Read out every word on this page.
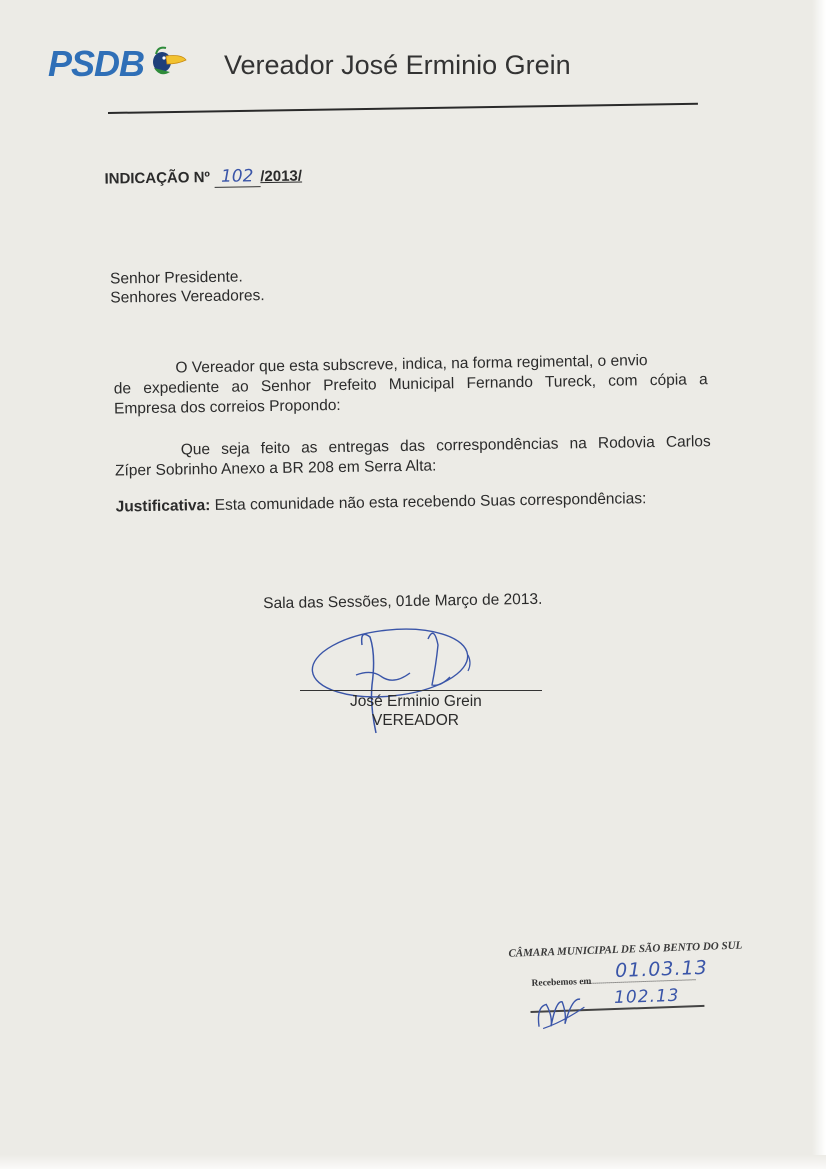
PSDB	Vereador José Erminio Grein
INDICAÇÃO Nº 102 /2013/
Senhor Presidente.
Senhores Vereadores.
O Vereador que esta subscreve, indica, na forma regimental, o envio
de expediente ao Senhor Prefeito Municipal Fernando Tureck, com cópia a
Empresa dos correios Propondo:
Que seja feito as entregas das correspondências na Rodovia Carlos
Zíper Sobrinho Anexo a BR 208 em Serra Alta:
Justificativa: Esta comunidade não esta recebendo Suas correspondências:
Sala das Sessões, 01de Março de 2013.
José Erminio Grein
VEREADOR
CÂMARA MUNICIPAL DE SÃO BENTO DO SUL
Recebemos em
01.03.13
102.13
